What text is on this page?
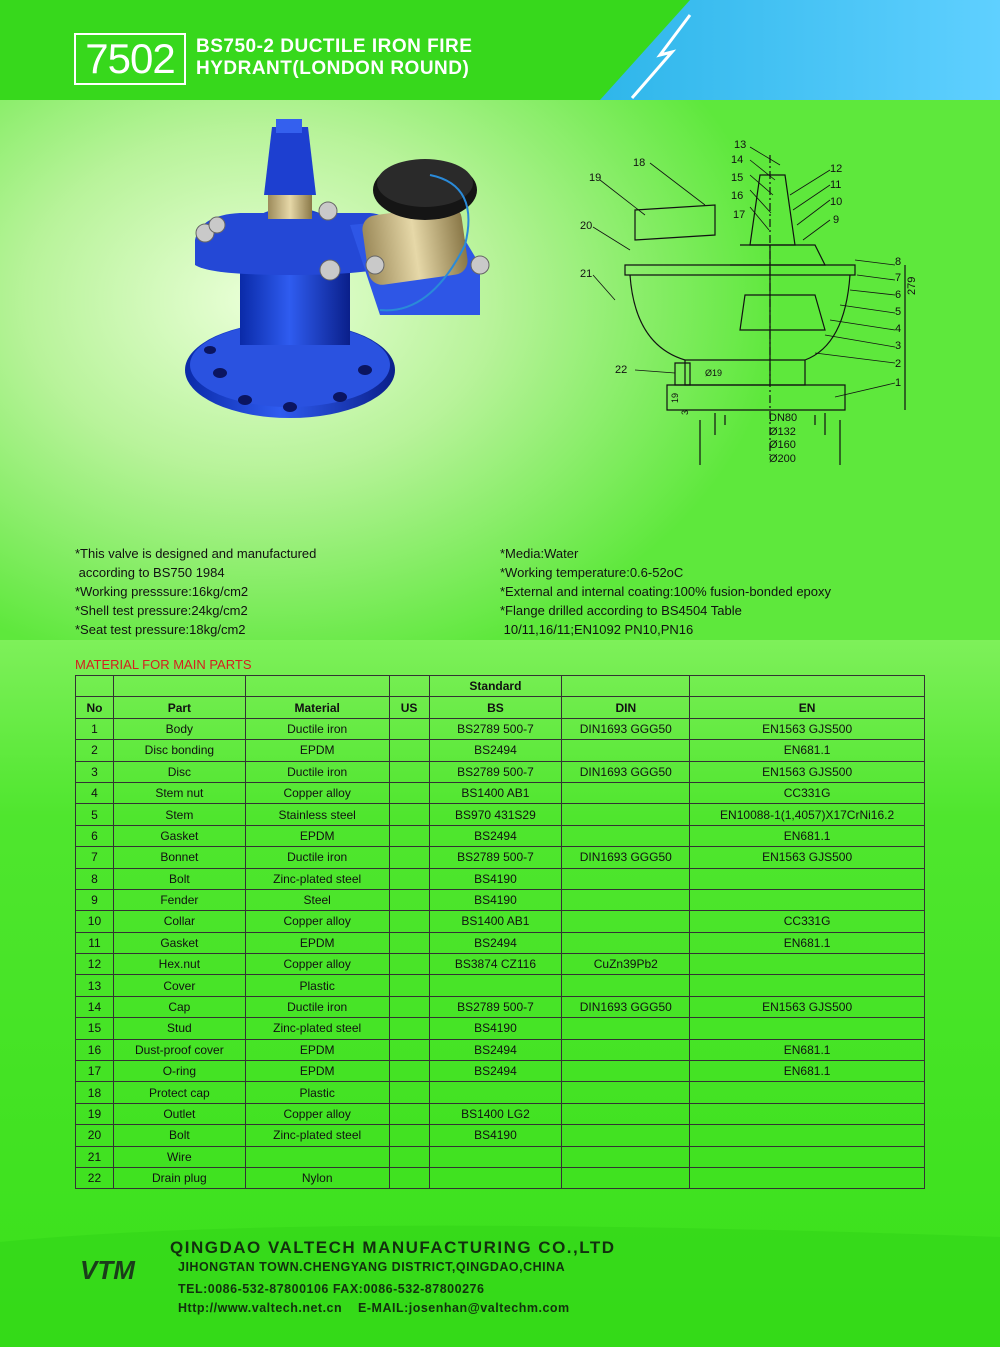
7502	BS750-2 DUCTILE IRON FIRE
HYDRANT(LONDON ROUND)
13
14
15
16
17
18
19
20
21
22
12
11
10
9
8
7
6
5
4
3
2
1
279
Ø19
19
3	DN80
Ø132
Ø160
Ø200
*This valve is designed and manufactured
according to BS750 1984
*Working presssure:16kg/cm2
*Shell test pressure:24kg/cm2
*Seat test pressure:18kg/cm2
*Media:Water
*Working temperature:0.6-52oC
*External and internal coating:100% fusion-bonded epoxy
*Flange drilled according to BS4504 Table
10/11,16/11;EN1092 PN10,PN16
MATERIAL FOR MAIN PARTS
				Standard		
No	Part	Material	US	BS	DIN	EN
1	Body	Ductile iron		BS2789 500-7	DIN1693 GGG50	EN1563 GJS500
2	Disc bonding	EPDM		BS2494		EN681.1
3	Disc	Ductile iron		BS2789 500-7	DIN1693 GGG50	EN1563 GJS500
4	Stem nut	Copper alloy		BS1400 AB1		CC331G
5	Stem	Stainless steel		BS970 431S29		EN10088-1(1,4057)X17CrNi16.2
6	Gasket	EPDM		BS2494		EN681.1
7	Bonnet	Ductile iron		BS2789 500-7	DIN1693 GGG50	EN1563 GJS500
8	Bolt	Zinc-plated steel		BS4190		
9	Fender	Steel		BS4190		
10	Collar	Copper alloy		BS1400 AB1		CC331G
11	Gasket	EPDM		BS2494		EN681.1
12	Hex.nut	Copper alloy		BS3874 CZ116	CuZn39Pb2	
13	Cover	Plastic				
14	Cap	Ductile iron		BS2789 500-7	DIN1693 GGG50	EN1563 GJS500
15	Stud	Zinc-plated steel		BS4190		
16	Dust-proof cover	EPDM		BS2494		EN681.1
17	O-ring	EPDM		BS2494		EN681.1
18	Protect cap	Plastic				
19	Outlet	Copper alloy		BS1400 LG2		
20	Bolt	Zinc-plated steel		BS4190		
21	Wire					
22	Drain plug	Nylon				
VTM
QINGDAO VALTECH MANUFACTURING CO.,LTD
JIHONGTAN TOWN.CHENGYANG DISTRICT,QINGDAO,CHINA
TEL:0086-532-87800106 FAX:0086-532-87800276
Http://www.valtech.net.cn    E-MAIL:josenhan@valtechm.com
